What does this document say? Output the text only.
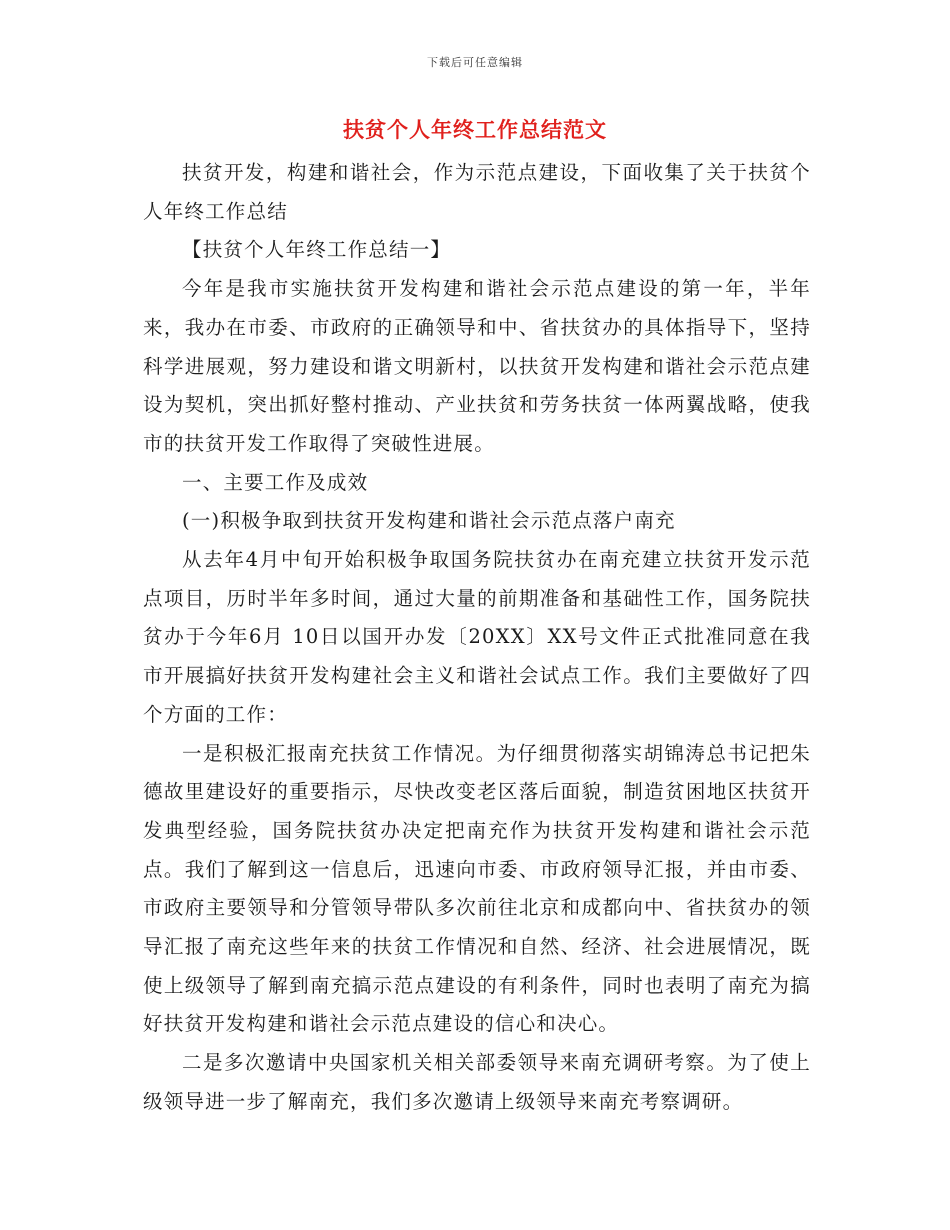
下载后可任意编辑
扶贫个人年终工作总结范文

扶贫开发，构建和谐社会，作为示范点建设，下面收集了关于扶贫个人年终工作总结

【扶贫个人年终工作总结一】

今年是我市实施扶贫开发构建和谐社会示范点建设的第一年，半年来，我办在市委、市政府的正确领导和中、省扶贫办的具体指导下，坚持科学进展观，努力建设和谐文明新村，以扶贫开发构建和谐社会示范点建设为契机，突出抓好整村推动、产业扶贫和劳务扶贫一体两翼战略，使我市的扶贫开发工作取得了突破性进展。

一、主要工作及成效

(一)积极争取到扶贫开发构建和谐社会示范点落户南充

从去年4月中旬开始积极争取国务院扶贫办在南充建立扶贫开发示范点项目，历时半年多时间，通过大量的前期准备和基础性工作，国务院扶贫办于今年6月 10日以国开办发〔20XX〕XX号文件正式批准同意在我市开展搞好扶贫开发构建社会主义和谐社会试点工作。我们主要做好了四个方面的工作：

一是积极汇报南充扶贫工作情况。为仔细贯彻落实胡锦涛总书记把朱德故里建设好的重要指示，尽快改变老区落后面貌，制造贫困地区扶贫开发典型经验，国务院扶贫办决定把南充作为扶贫开发构建和谐社会示范点。我们了解到这一信息后，迅速向市委、市政府领导汇报，并由市委、市政府主要领导和分管领导带队多次前往北京和成都向中、省扶贫办的领导汇报了南充这些年来的扶贫工作情况和自然、经济、社会进展情况，既使上级领导了解到南充搞示范点建设的有利条件，同时也表明了南充为搞好扶贫开发构建和谐社会示范点建设的信心和决心。

二是多次邀请中央国家机关相关部委领导来南充调研考察。为了使上级领导进一步了解南充，我们多次邀请上级领导来南充考察调研。
